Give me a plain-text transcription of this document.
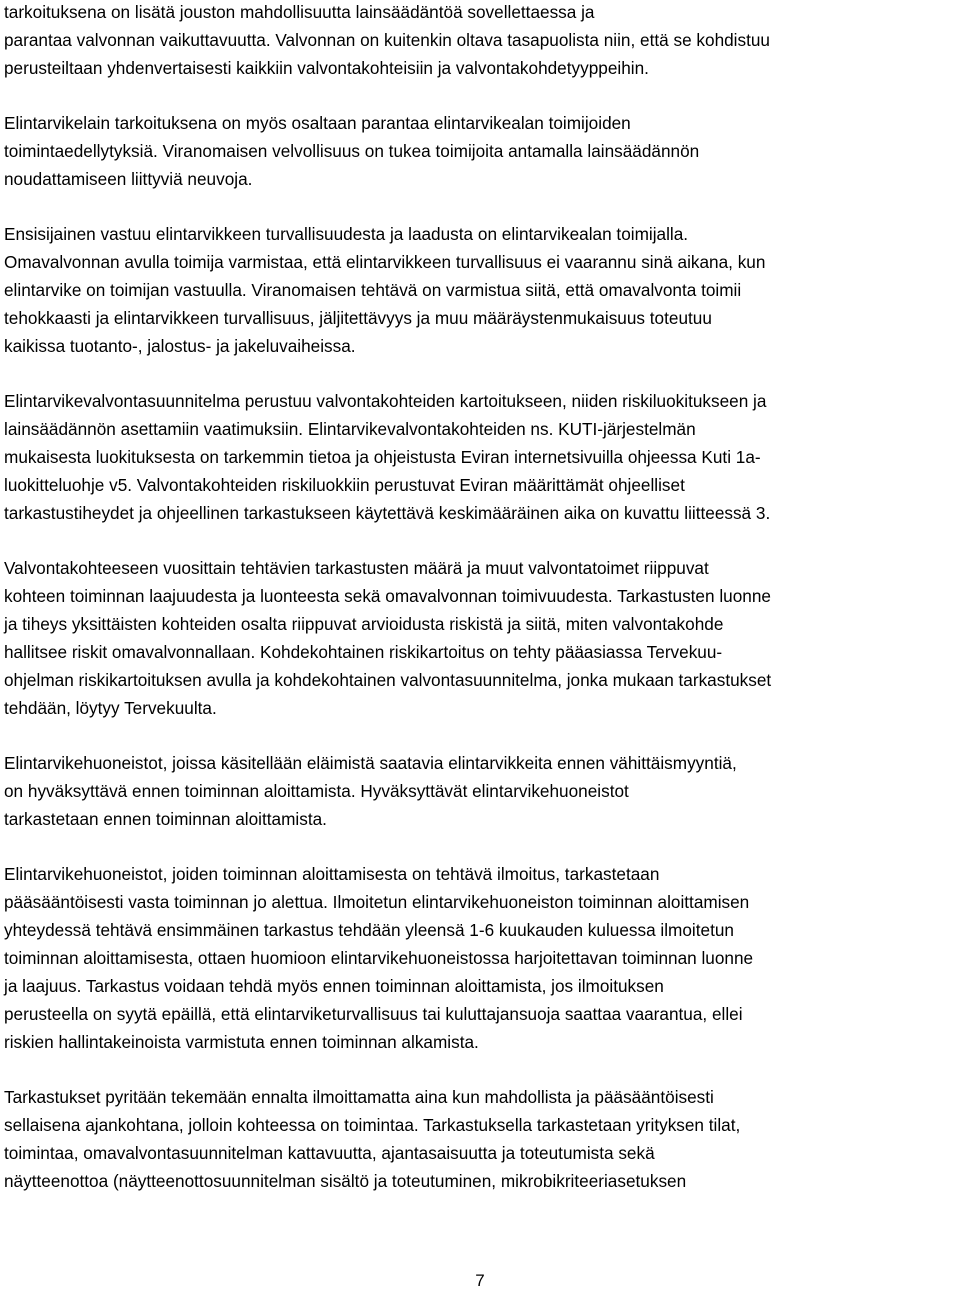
tarkoituksena on lisätä jouston mahdollisuutta lainsäädäntöä sovellettaessa ja
parantaa valvonnan vaikuttavuutta. Valvonnan on kuitenkin oltava tasapuolista niin, että se kohdistuu
perusteiltaan yhdenvertaisesti kaikkiin valvontakohteisiin ja valvontakohdetyyppeihin.

Elintarvikelain tarkoituksena on myös osaltaan parantaa elintarvikealan toimijoiden
toimintaedellytyksiä. Viranomaisen velvollisuus on tukea toimijoita antamalla lainsäädännön
noudattamiseen liittyviä neuvoja.

Ensisijainen vastuu elintarvikkeen turvallisuudesta ja laadusta on elintarvikealan toimijalla.
Omavalvonnan avulla toimija varmistaa, että elintarvikkeen turvallisuus ei vaarannu sinä aikana, kun
elintarvike on toimijan vastuulla. Viranomaisen tehtävä on varmistua siitä, että omavalvonta toimii
tehokkaasti ja elintarvikkeen turvallisuus, jäljitettävyys ja muu määräystenmukaisuus toteutuu
kaikissa tuotanto-, jalostus- ja jakeluvaiheissa.

Elintarvikevalvontasuunnitelma perustuu valvontakohteiden kartoitukseen, niiden riskiluokitukseen ja
lainsäädännön asettamiin vaatimuksiin. Elintarvikevalvontakohteiden ns. KUTI-järjestelmän
mukaisesta luokituksesta on tarkemmin tietoa ja ohjeistusta Eviran internetsivuilla ohjeessa Kuti 1a-
luokitteluohje v5. Valvontakohteiden riskiluokkiin perustuvat Eviran määrittämät ohjeelliset
tarkastustiheydet ja ohjeellinen tarkastukseen käytettävä keskimääräinen aika on kuvattu liitteessä 3.

Valvontakohteeseen vuosittain tehtävien tarkastusten määrä ja muut valvontatoimet riippuvat
kohteen toiminnan laajuudesta ja luonteesta sekä omavalvonnan toimivuudesta. Tarkastusten luonne
ja tiheys yksittäisten kohteiden osalta riippuvat arvioidusta riskistä ja siitä, miten valvontakohde
hallitsee riskit omavalvonnallaan. Kohdekohtainen riskikartoitus on tehty pääasiassa Tervekuu-
ohjelman riskikartoituksen avulla ja kohdekohtainen valvontasuunnitelma, jonka mukaan tarkastukset
tehdään, löytyy Tervekuulta.

Elintarvikehuoneistot, joissa käsitellään eläimistä saatavia elintarvikkeita ennen vähittäismyyntiä,
on hyväksyttävä ennen toiminnan aloittamista. Hyväksyttävät elintarvikehuoneistot
tarkastetaan ennen toiminnan aloittamista.

Elintarvikehuoneistot, joiden toiminnan aloittamisesta on tehtävä ilmoitus, tarkastetaan
pääsääntöisesti vasta toiminnan jo alettua. Ilmoitetun elintarvikehuoneiston toiminnan aloittamisen
yhteydessä tehtävä ensimmäinen tarkastus tehdään yleensä 1-6 kuukauden kuluessa ilmoitetun
toiminnan aloittamisesta, ottaen huomioon elintarvikehuoneistossa harjoitettavan toiminnan luonne
ja laajuus. Tarkastus voidaan tehdä myös ennen toiminnan aloittamista, jos ilmoituksen
perusteella on syytä epäillä, että elintarviketurvallisuus tai kuluttajansuoja saattaa vaarantua, ellei
riskien hallintakeinoista varmistuta ennen toiminnan alkamista.

Tarkastukset pyritään tekemään ennalta ilmoittamatta aina kun mahdollista ja pääsääntöisesti
sellaisena ajankohtana, jolloin kohteessa on toimintaa. Tarkastuksella tarkastetaan yrityksen tilat,
toimintaa, omavalvontasuunnitelman kattavuutta, ajantasaisuutta ja toteutumista sekä
näytteenottoa (näytteenottosuunnitelman sisältö ja toteutuminen, mikrobikriteeriasetuksen

7
